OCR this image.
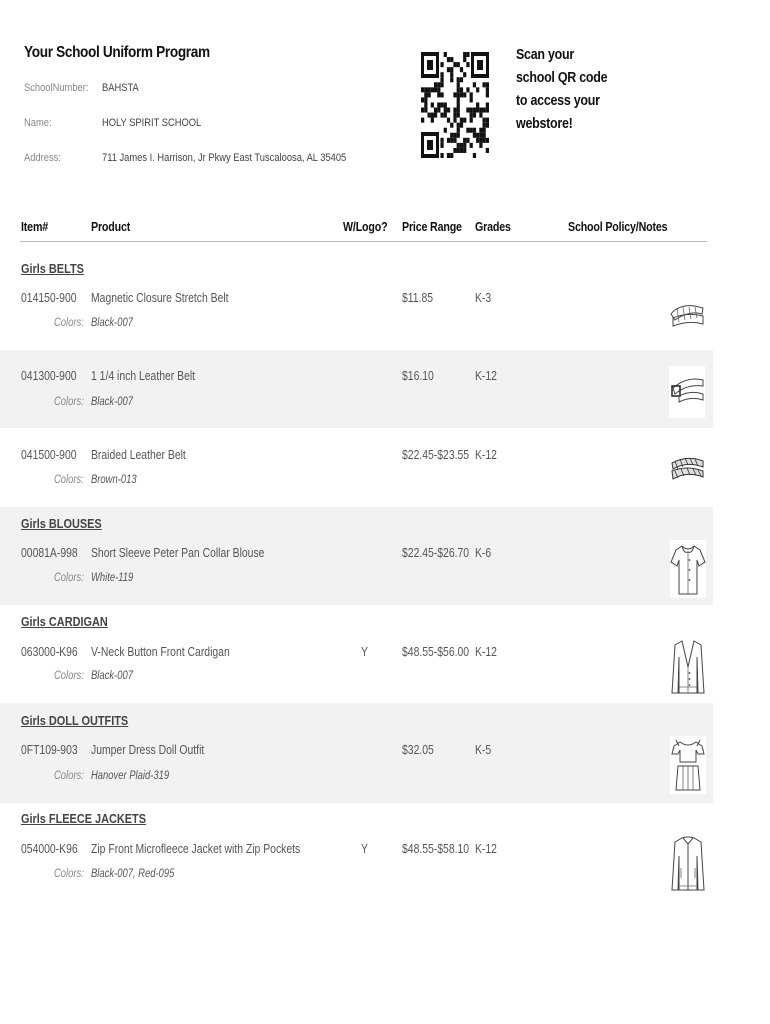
Your School Uniform Program
SchoolNumber: BAHSTA
Name:	HOLY SPIRIT SCHOOL
Address:	711 James I. Harrison, Jr Pkwy East Tuscaloosa, AL 35405
Scan your
school QR code
to access your
webstore!
Item#	Product	W/Logo? Price Range Grades	School Policy/Notes
Girls BELTS
014150-900 Magnetic Closure Stretch Belt	$11.85	K-3
Colors: Black-007
041300-900 1 1/4 inch Leather Belt	$16.10	K-12
Colors: Black-007
041500-900 Braided Leather Belt	$22.45-$23.55 K-12
Colors: Brown-013
Girls BLOUSES
00081A-998 Short Sleeve Peter Pan Collar Blouse	$22.45-$26.70 K-6
Colors: White-119
Girls CARDIGAN
063000-K96 V-Neck Button Front Cardigan	Y	$48.55-$56.00 K-12
Colors: Black-007
Girls DOLL OUTFITS
0FT109-903 Jumper Dress Doll Outfit	$32.05	K-5
Colors: Hanover Plaid-319
Girls FLEECE JACKETS
054000-K96 Zip Front Microfleece Jacket with Zip Pockets	Y	$48.55-$58.10 K-12
Colors: Black-007, Red-095
